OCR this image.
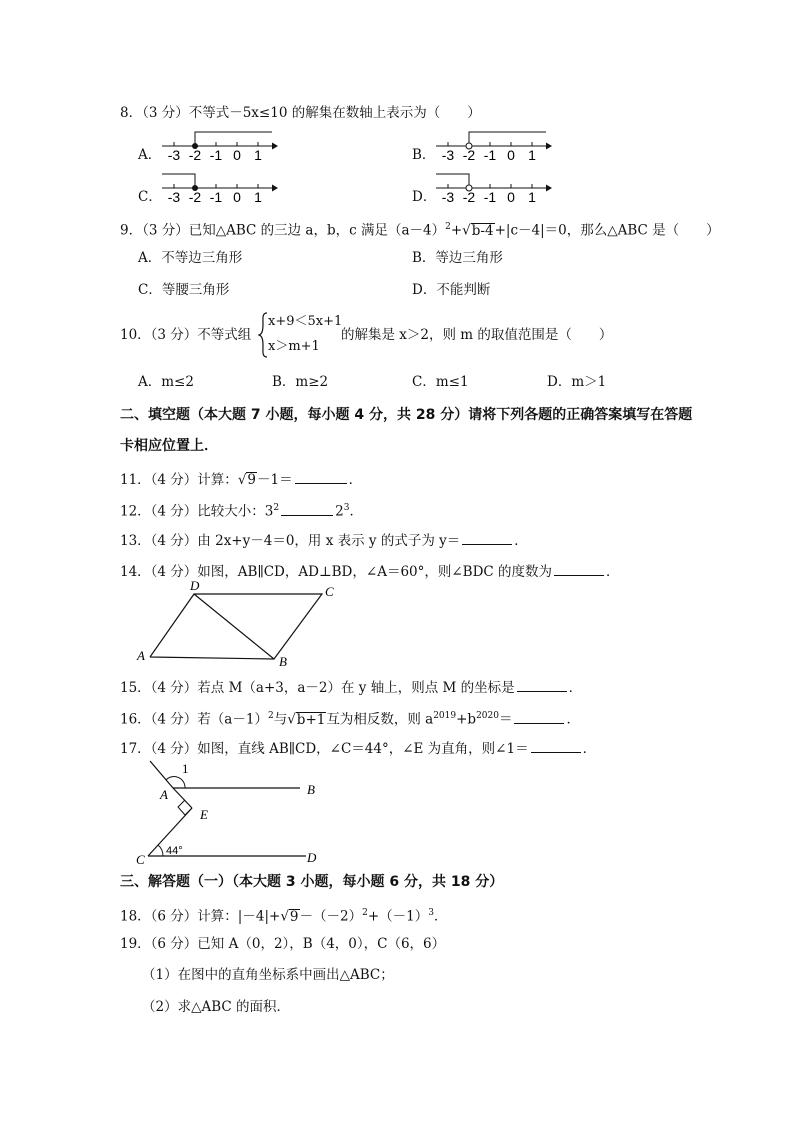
8．（3 分）不等式－5x≤10 的解集在数轴上表示为（　　）
A． -3 -2 -1 0 1	B． -3 -2 -1 0 1
C． -3 -2 -1 0 1	D． -3 -2 -1 0 1
9．（3 分）已知△ABC 的三边 a，b，c 满足$(a-4)^2+√b-4+|c-4|=0$，那么△ABC 是（　　）
A．不等边三角形	B．等边三角形
C．等腰三角形	D．不能判断
10．（3 分）不等式组
x+9＜5x+1
x＞m+1
的解集是 x＞2，则 m 的取值范围是（　　）
A．m≤2	B．m≥2	C．m≤1	D．m＞1
二、填空题（本大题 7 小题，每小题 4 分，共 28 分）请将下列各题的正确答案填写在答题
卡相应位置上．
11．（4 分）计算：√9－1＝	．
12．（4 分）比较大小：$3^2$	$2^3$．
13．（4 分）由 2x+y－4＝0，用 x 表示 y 的式子为 y＝	．
14．（4 分）如图，AB∥CD，AD⊥BD，∠A＝60°，则∠BDC 的度数为	．
A	B
C
D
15．（4 分）若点 M（a+3，a－2）在 y 轴上，则点 M 的坐标是	．
16．（4 分）若$(a-1)^2$与√b+1互为相反数，则 $a^{2019}+b^{2020}=$	．
17．（4 分）如图，直线 AB∥CD，∠C＝44°，∠E 为直角，则∠1＝	．
1
A	B
E
C	D
44°
三、解答题（一）（本大题 3 小题，每小题 6 分，共 18 分）
18．（6 分）计算：$|-4|+√9-(-2)^2+(-1)^3$．
19．（6 分）已知 A（0，2），B（4，0），C（6，6）
（1）在图中的直角坐标系中画出△ABC；
（2）求△ABC 的面积．
